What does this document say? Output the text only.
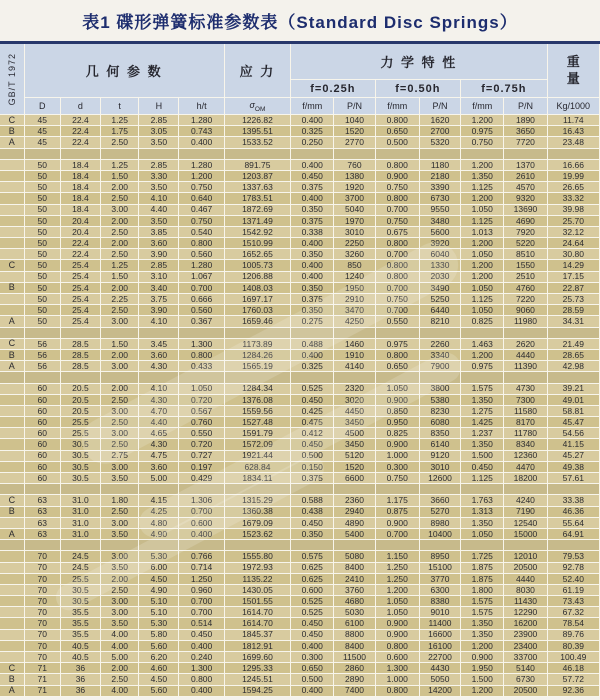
表1 碟形弹簧标准参数表（Standard Disc Springs）
GB/T 1972	几 何 参 数					应 力	力 学 特 性						重
量

							f=0.25h		f=0.50h		f=0.75h		
	D	d	t	H	h/t	$\sigma_{OM}$	f/mm	P/N	f/mm	P/N	f/mm	P/N	Kg/1000
C	45	22.4	1.25	2.85	1.280	1226.82	0.400	1040	0.800	1620	1.200	1890	11.74
B	45	22.4	1.75	3.05	0.743	1395.51	0.325	1520	0.650	2700	0.975	3650	16.43
A	45	22.4	2.50	3.50	0.400	1533.52	0.250	2770	0.500	5320	0.750	7720	23.48

	50	18.4	1.25	2.85	1.280	891.75	0.400	760	0.800	1180	1.200	1370	16.66
	50	18.4	1.50	3.30	1.200	1203.87	0.450	1380	0.900	2180	1.350	2610	19.99
	50	18.4	2.00	3.50	0.750	1337.63	0.375	1920	0.750	3390	1.125	4570	26.65
	50	18.4	2.50	4.10	0.640	1783.51	0.400	3700	0.800	6730	1.200	9320	33.32
	50	18.4	3.00	4.40	0.467	1872.69	0.350	5040	0.700	9550	1.050	13690	39.98
	50	20.4	2.00	3.50	0.750	1371.49	0.375	1970	0.750	3480	1.125	4690	25.70
	50	20.4	2.50	3.85	0.540	1542.92	0.338	3010	0.675	5600	1.013	7920	32.12
	50	22.4	2.00	3.60	0.800	1510.99	0.400	2250	0.800	3920	1.200	5220	24.64
	50	22.4	2.50	3.90	0.560	1652.65	0.350	3260	0.700	6040	1.050	8510	30.80
C	50	25.4	1.25	2.85	1.280	1005.73	0.400	850	0.800	1330	1.200	1550	14.29
	50	25.4	1.50	3.10	1.067	1206.88	0.400	1240	0.800	2030	1.200	2510	17.15
B	50	25.4	2.00	3.40	0.700	1408.03	0.350	1950	0.700	3490	1.050	4760	22.87
	50	25.4	2.25	3.75	0.666	1697.17	0.375	2910	0.750	5250	1.125	7220	25.73
	50	25.4	2.50	3.90	0.560	1760.03	0.350	3470	0.700	6440	1.050	9060	28.59
A	50	25.4	3.00	4.10	0.367	1659.46	0.275	4250	0.550	8210	0.825	11980	34.31

C	56	28.5	1.50	3.45	1.300	1173.89	0.488	1460	0.975	2260	1.463	2620	21.49
B	56	28.5	2.00	3.60	0.800	1284.26	0.400	1910	0.800	3340	1.200	4440	28.65
A	56	28.5	3.00	4.30	0.433	1565.19	0.325	4140	0.650	7900	0.975	11390	42.98

	60	20.5	2.00	4.10	1.050	1284.34	0.525	2320	1.050	3800	1.575	4730	39.21
	60	20.5	2.50	4.30	0.720	1376.08	0.450	3020	0.900	5380	1.350	7300	49.01
	60	20.5	3.00	4.70	0.567	1559.56	0.425	4450	0.850	8230	1.275	11580	58.81
	60	25.5	2.50	4.40	0.760	1527.48	0.475	3450	0.950	6080	1.425	8170	45.47
	60	25.5	3.00	4.65	0.550	1591.79	0.412	4500	0.825	8350	1.237	11780	54.56
	60	30.5	2.50	4.30	0.720	1572.09	0.450	3450	0.900	6140	1.350	8340	41.15
	60	30.5	2.75	4.75	0.727	1921.44	0.500	5120	1.000	9120	1.500	12360	45.27
	60	30.5	3.00	3.60	0.197	628.84	0.150	1520	0.300	3010	0.450	4470	49.38
	60	30.5	3.50	5.00	0.429	1834.11	0.375	6600	0.750	12600	1.125	18200	57.61

C	63	31.0	1.80	4.15	1.306	1315.29	0.588	2360	1.175	3660	1.763	4240	33.38
B	63	31.0	2.50	4.25	0.700	1360.38	0.438	2940	0.875	5270	1.313	7190	46.36
	63	31.0	3.00	4.80	0.600	1679.09	0.450	4890	0.900	8980	1.350	12540	55.64
A	63	31.0	3.50	4.90	0.400	1523.62	0.350	5400	0.700	10400	1.050	15000	64.91

	70	24.5	3.00	5.30	0.766	1555.80	0.575	5080	1.150	8950	1.725	12010	79.53
	70	24.5	3.50	6.00	0.714	1972.93	0.625	8400	1.250	15100	1.875	20500	92.78
	70	25.5	2.00	4.50	1.250	1135.22	0.625	2410	1.250	3770	1.875	4440	52.40
	70	30.5	2.50	4.90	0.960	1430.05	0.600	3760	1.200	6300	1.800	8030	61.19
	70	30.5	3.00	5.10	0.700	1501.55	0.525	4680	1.050	8380	1.575	11430	73.43
	70	35.5	3.00	5.10	0.700	1614.70	0.525	5030	1.050	9010	1.575	12290	67.32
	70	35.5	3.50	5.30	0.514	1614.70	0.450	6100	0.900	11400	1.350	16200	78.54
	70	35.5	4.00	5.80	0.450	1845.37	0.450	8800	0.900	16600	1.350	23900	89.76
	70	40.5	4.00	5.60	0.400	1812.91	0.400	8400	0.800	16100	1.200	23400	80.39
	70	40.5	5.00	6.20	0.240	1699.60	0.300	11500	0.600	22700	0.900	33700	100.49
C	71	36	2.00	4.60	1.300	1295.33	0.650	2860	1.300	4430	1.950	5140	46.18
B	71	36	2.50	4.50	0.800	1245.51	0.500	2890	1.000	5050	1.500	6730	57.72
A	71	36	4.00	5.60	0.400	1594.25	0.400	7400	0.800	14200	1.200	20500	92.36
